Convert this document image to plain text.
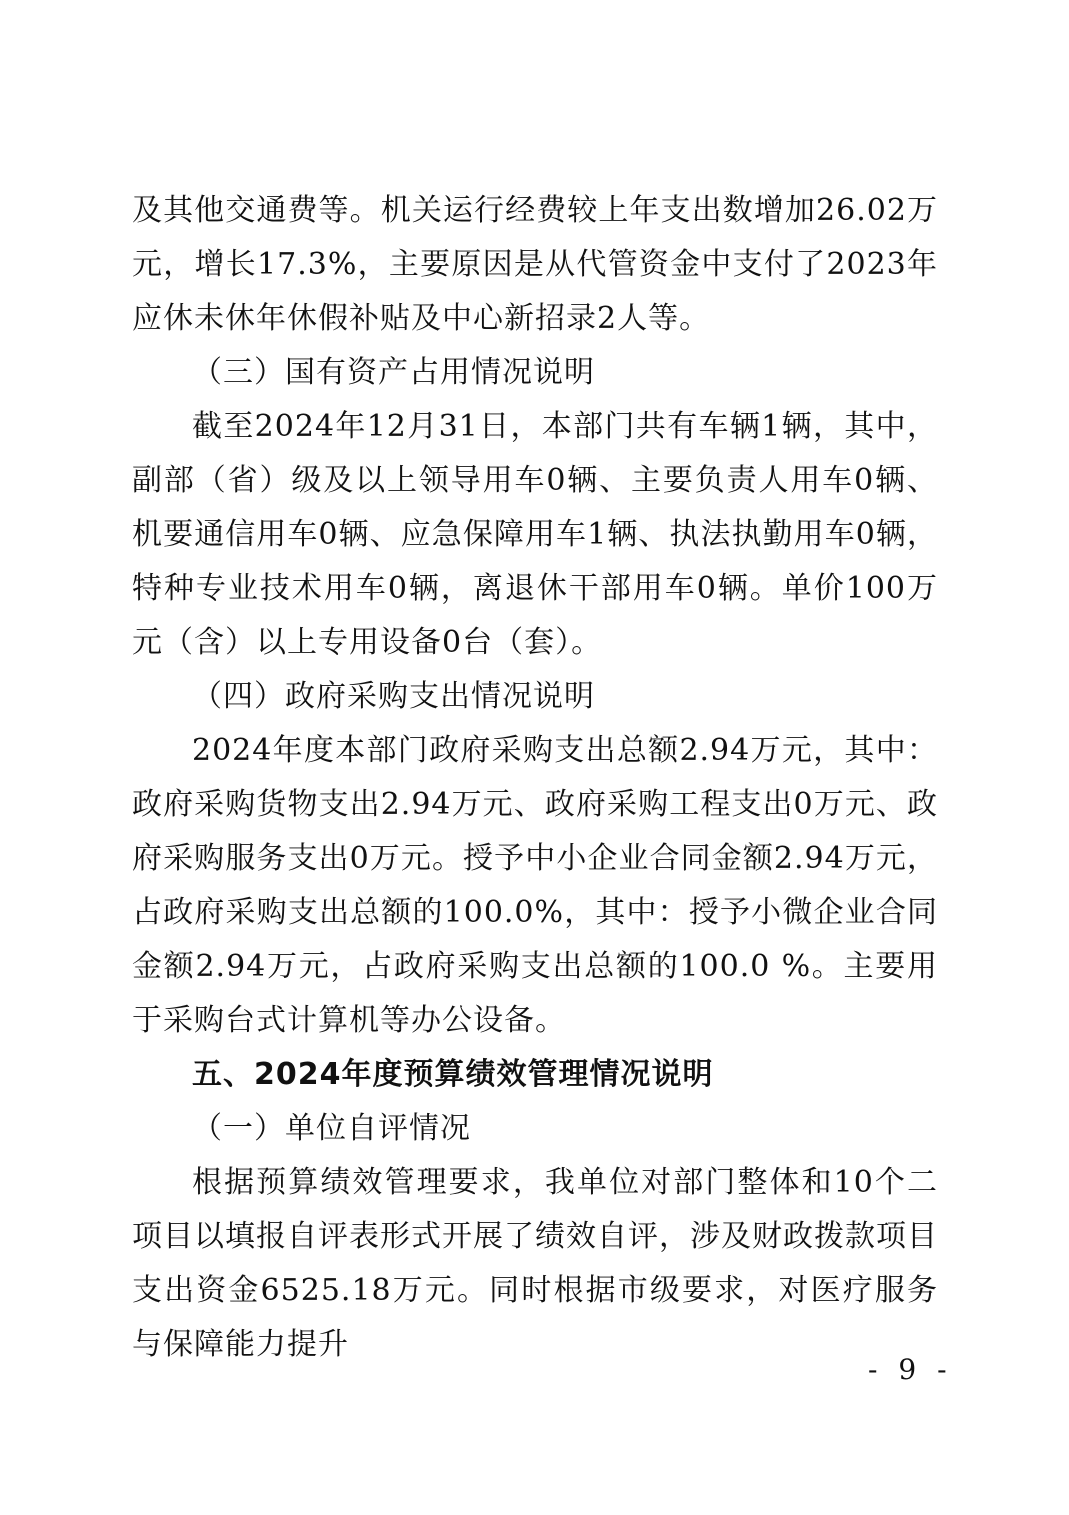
及其他交通费等。机关运行经费较上年支出数增加26.02万元，增长17.3%，主要原因是从代管资金中支付了2023年应休未休年休假补贴及中心新招录2人等。

（三）国有资产占用情况说明

截至2024年12月31日，本部门共有车辆1辆，其中，副部（省）级及以上领导用车0辆、主要负责人用车0辆、机要通信用车0辆、应急保障用车1辆、执法执勤用车0辆，特种专业技术用车0辆，离退休干部用车0辆。单价100万元（含）以上专用设备0台（套）。

（四）政府采购支出情况说明

2024年度本部门政府采购支出总额2.94万元，其中：政府采购货物支出2.94万元、政府采购工程支出0万元、政府采购服务支出0万元。授予中小企业合同金额2.94万元，占政府采购支出总额的100.0%，其中：授予小微企业合同金额2.94万元，占政府采购支出总额的100.0 %。主要用于采购台式计算机等办公设备。

五、2024年度预算绩效管理情况说明

（一）单位自评情况

根据预算绩效管理要求，我单位对部门整体和10个二项目以填报自评表形式开展了绩效自评，涉及财政拨款项目支出资金6525.18万元。同时根据市级要求，对医疗服务与保障能力提升

- 9 -
